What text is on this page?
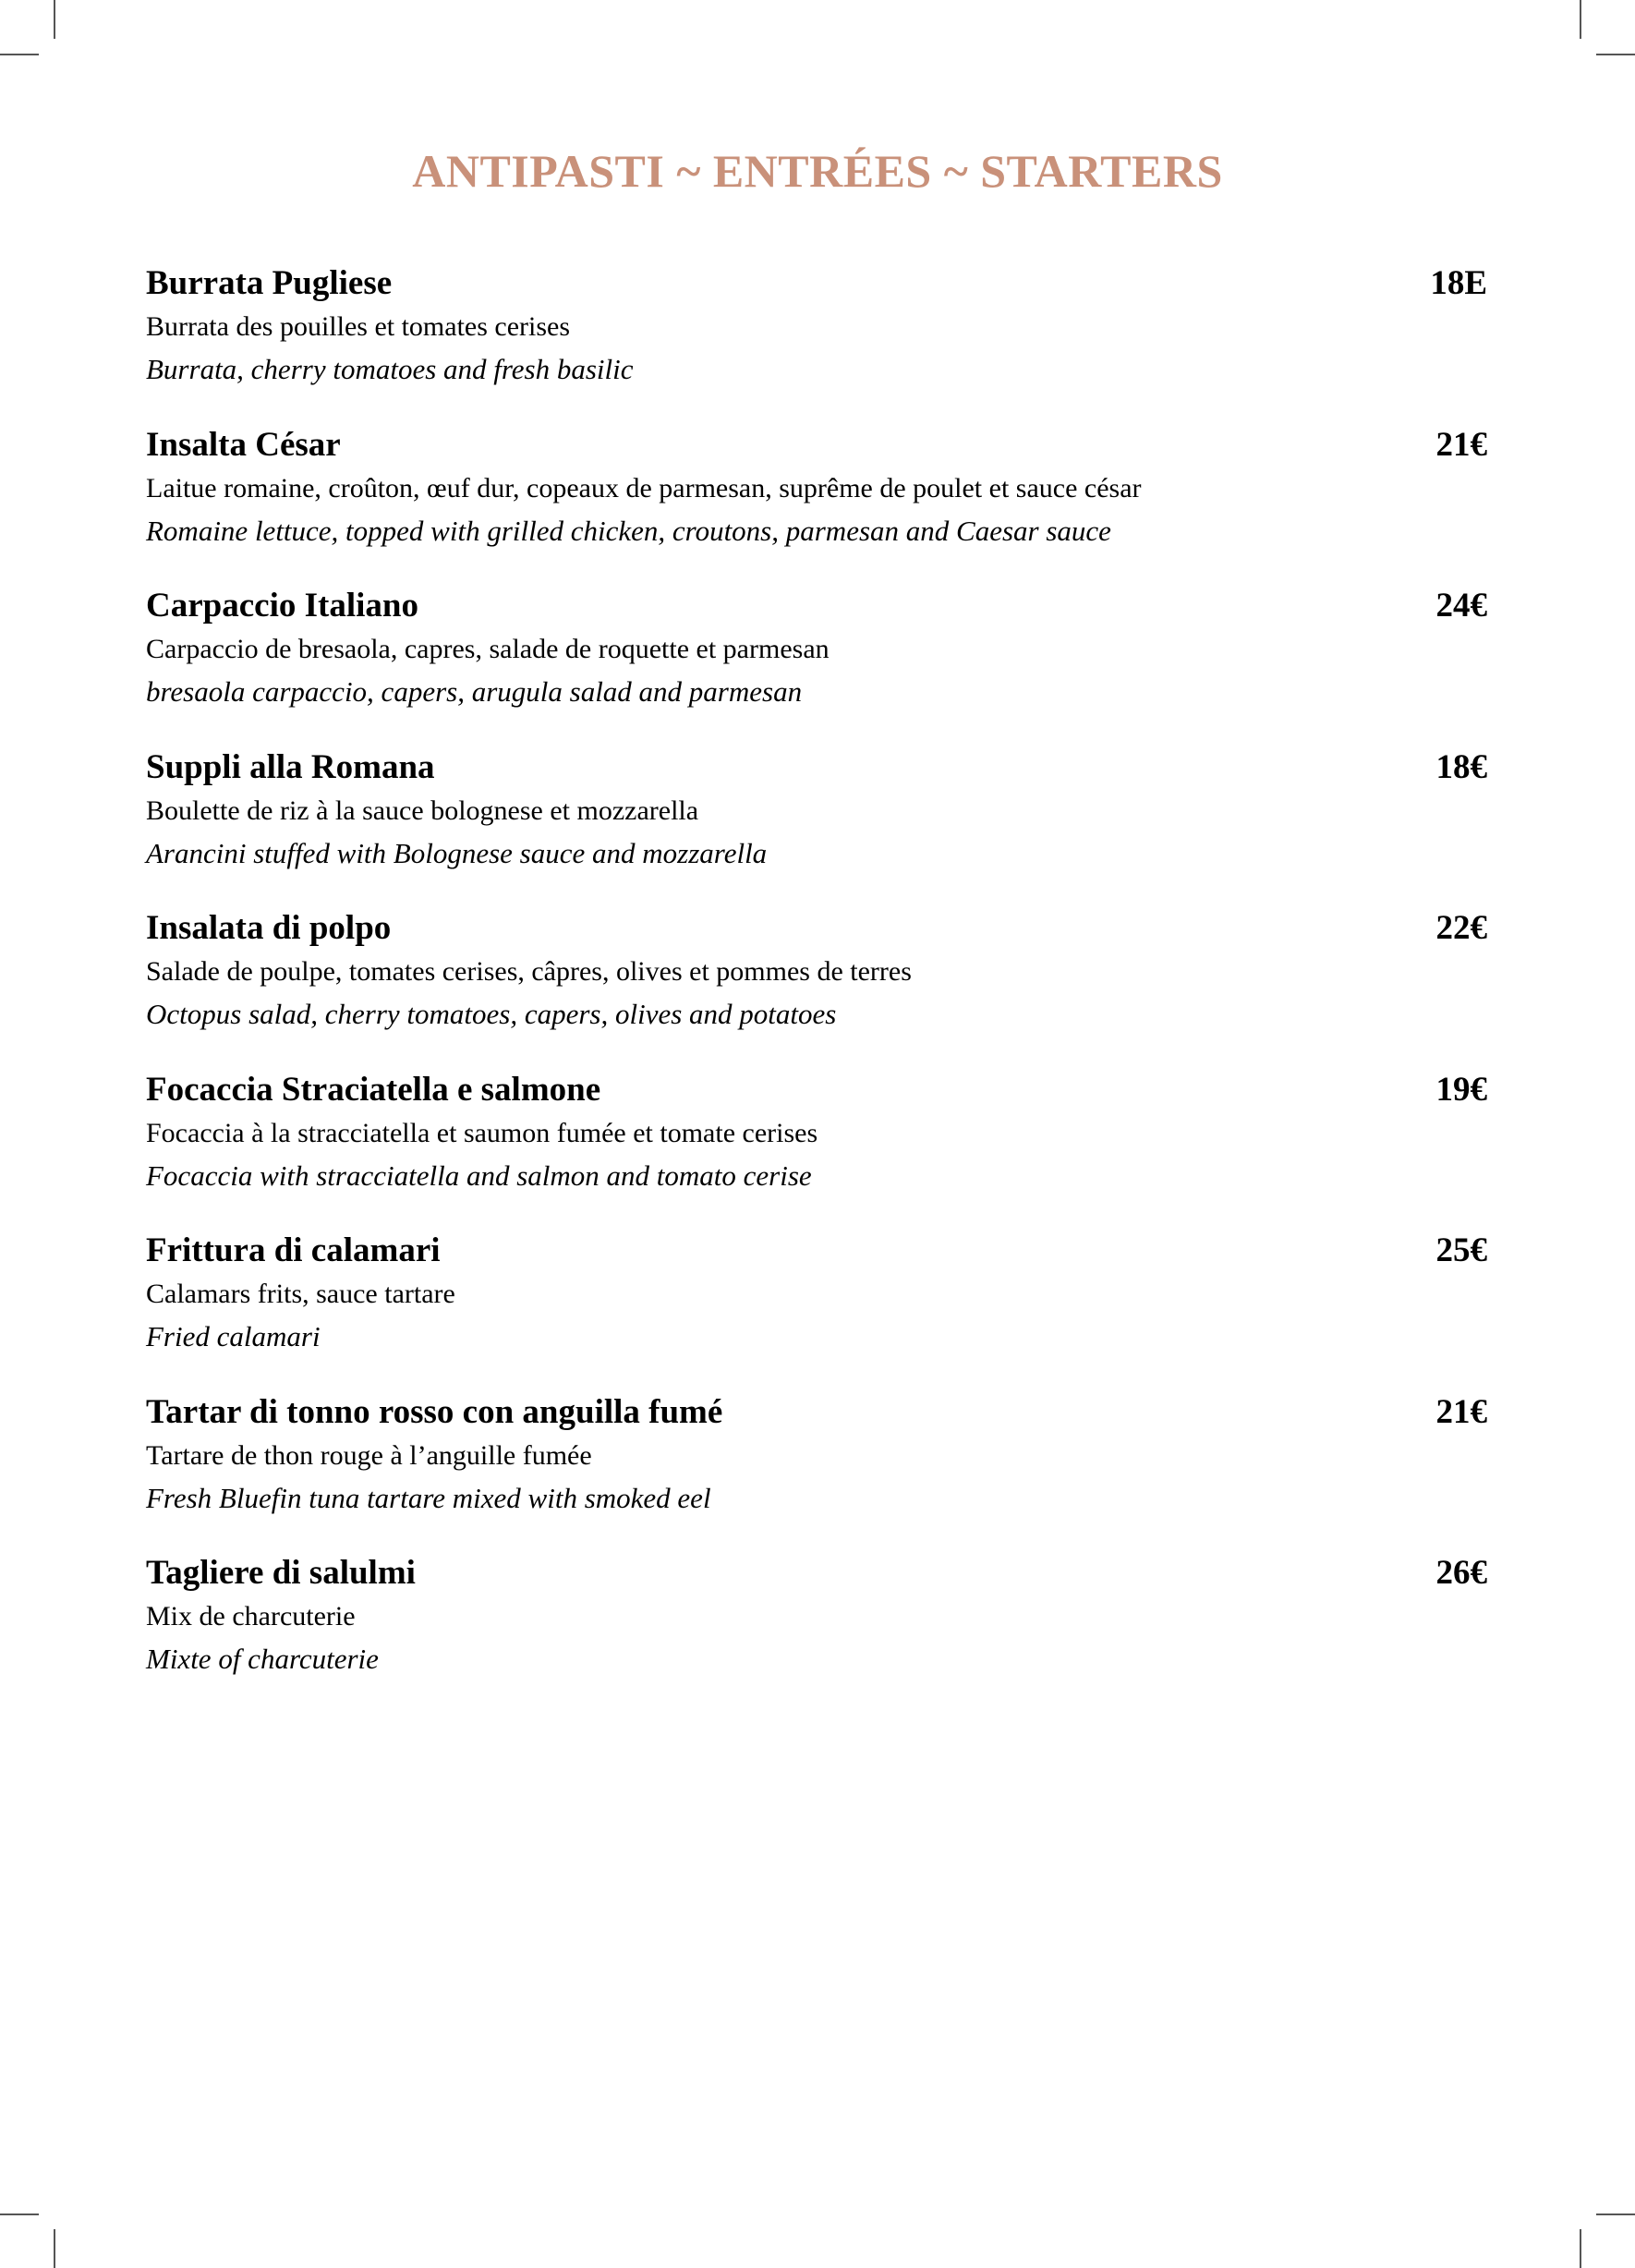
ANTIPASTI ~ ENTRÉES ~ STARTERS
Burrata Pugliese	18E
Burrata des pouilles et tomates cerises
Burrata, cherry tomatoes and fresh basilic
Insalta César	21€
Laitue romaine, croûton, œuf dur, copeaux de parmesan, suprême de poulet et sauce césar
Romaine lettuce, topped with grilled chicken, croutons, parmesan and Caesar sauce
Carpaccio Italiano	24€
Carpaccio de bresaola, capres, salade de roquette et parmesan
bresaola carpaccio, capers, arugula salad and parmesan
Suppli alla Romana	18€
Boulette de riz à la sauce bolognese et mozzarella
Arancini stuffed with Bolognese sauce and mozzarella
Insalata di polpo	22€
Salade de poulpe, tomates cerises, câpres, olives et pommes de terres
Octopus salad, cherry tomatoes, capers, olives and potatoes
Focaccia Straciatella e salmone	19€
Focaccia à la stracciatella et saumon fumée et tomate cerises
Focaccia with stracciatella and salmon and tomato cerise
Frittura di calamari	25€
Calamars frits, sauce tartare
Fried calamari
Tartar di tonno rosso con anguilla fumé	21€
Tartare de thon rouge à l’anguille fumée
Fresh Bluefin tuna tartare mixed with smoked eel
Tagliere di salulmi	26€
Mix de charcuterie
Mixte of charcuterie
